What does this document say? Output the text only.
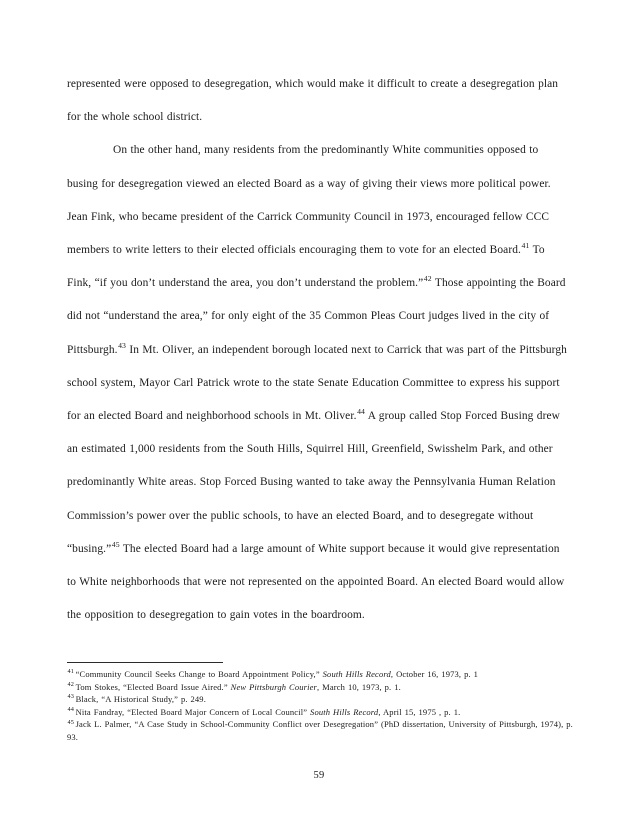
represented were opposed to desegregation, which would make it difficult to create a desegregation plan for the whole school district.

On the other hand, many residents from the predominantly White communities opposed to busing for desegregation viewed an elected Board as a way of giving their views more political power. Jean Fink, who became president of the Carrick Community Council in 1973, encouraged fellow CCC members to write letters to their elected officials encouraging them to vote for an elected Board.$^{41}$ To Fink, “if you don’t understand the area, you don’t understand the problem.”$^{42}$ Those appointing the Board did not “understand the area,” for only eight of the 35 Common Pleas Court judges lived in the city of Pittsburgh.$^{43}$ In Mt. Oliver, an independent borough located next to Carrick that was part of the Pittsburgh school system, Mayor Carl Patrick wrote to the state Senate Education Committee to express his support for an elected Board and neighborhood schools in Mt. Oliver.$^{44}$ A group called Stop Forced Busing drew an estimated 1,000 residents from the South Hills, Squirrel Hill, Greenfield, Swisshelm Park, and other predominantly White areas. Stop Forced Busing wanted to take away the Pennsylvania Human Relation Commission’s power over the public schools, to have an elected Board, and to desegregate without “busing.”$^{45}$ The elected Board had a large amount of White support because it would give representation to White neighborhoods that were not represented on the appointed Board. An elected Board would allow the opposition to desegregation to gain votes in the boardroom.

$^{41}$ “Community Council Seeks Change to Board Appointment Policy,” South Hills Record, October 16, 1973, p. 1

$^{42}$ Tom Stokes, “Elected Board Issue Aired.” New Pittsburgh Courier, March 10, 1973, p. 1.

$^{43}$ Black, “A Historical Study,” p. 249.

$^{44}$ Nita Fandray, “Elected Board Major Concern of Local Council” South Hills Record, April 15, 1975 , p. 1.

$^{45}$ Jack L. Palmer, “A Case Study in School-Community Conflict over Desegregation” (PhD dissertation, University of Pittsburgh, 1974), p. 93.

59
